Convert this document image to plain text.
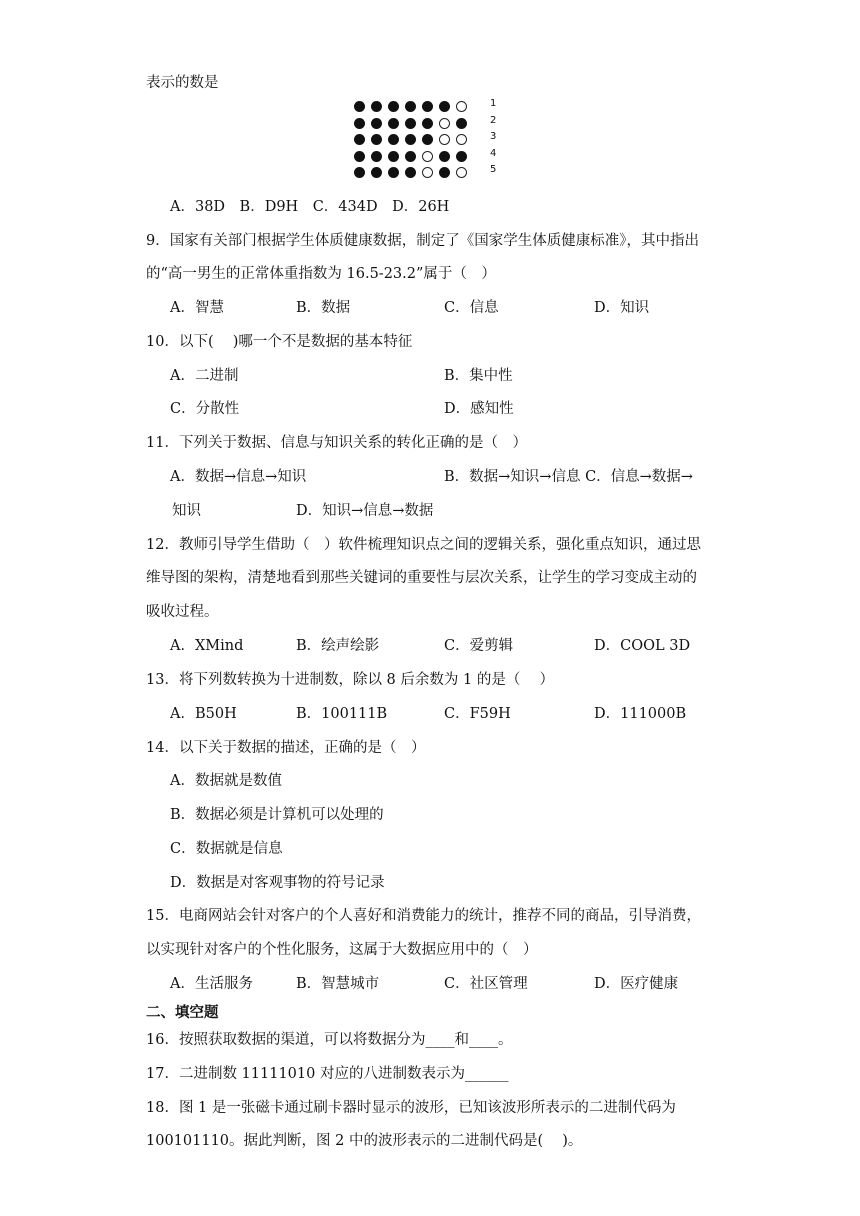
表示的数是
1
2
3
4
5
A．38D　B．D9H　C．434D　D．26H
9．国家有关部门根据学生体质健康数据，制定了《国家学生体质健康标准》，其中指出
的“高一男生的正常体重指数为 16.5-23.2”属于（　）
A．智慧	B．数据	C．信息	D．知识
10．以下(　 )哪一个不是数据的基本特征
A．二进制	B．集中性
C．分散性	D．感知性
11．下列关于数据、信息与知识关系的转化正确的是（　）
A．数据→信息→知识	B．数据→知识→信息 C．信息→数据→
知识	D．知识→信息→数据
12．教师引导学生借助（　）软件梳理知识点之间的逻辑关系，强化重点知识，通过思
维导图的架构，清楚地看到那些关键词的重要性与层次关系，让学生的学习变成主动的
吸收过程。
A．XMind	B．绘声绘影	C．爱剪辑	D．COOL 3D
13．将下列数转换为十进制数，除以 8 后余数为 1 的是（　 ）
A．B50H	B．100111B	C．F59H	D．111000B
14．以下关于数据的描述，正确的是（　）
A．数据就是数值
B．数据必须是计算机可以处理的
C．数据就是信息
D．数据是对客观事物的符号记录
15．电商网站会针对客户的个人喜好和消费能力的统计，推荐不同的商品，引导消费，
以实现针对客户的个性化服务，这属于大数据应用中的（　）
A．生活服务	B．智慧城市	C．社区管理	D．医疗健康
二、填空题
16．按照获取数据的渠道，可以将数据分为____和____。
17．二进制数 11111010 对应的八进制数表示为______
18．图 1 是一张磁卡通过刷卡器时显示的波形，已知该波形所表示的二进制代码为
100101110。据此判断，图 2 中的波形表示的二进制代码是(　 )。
